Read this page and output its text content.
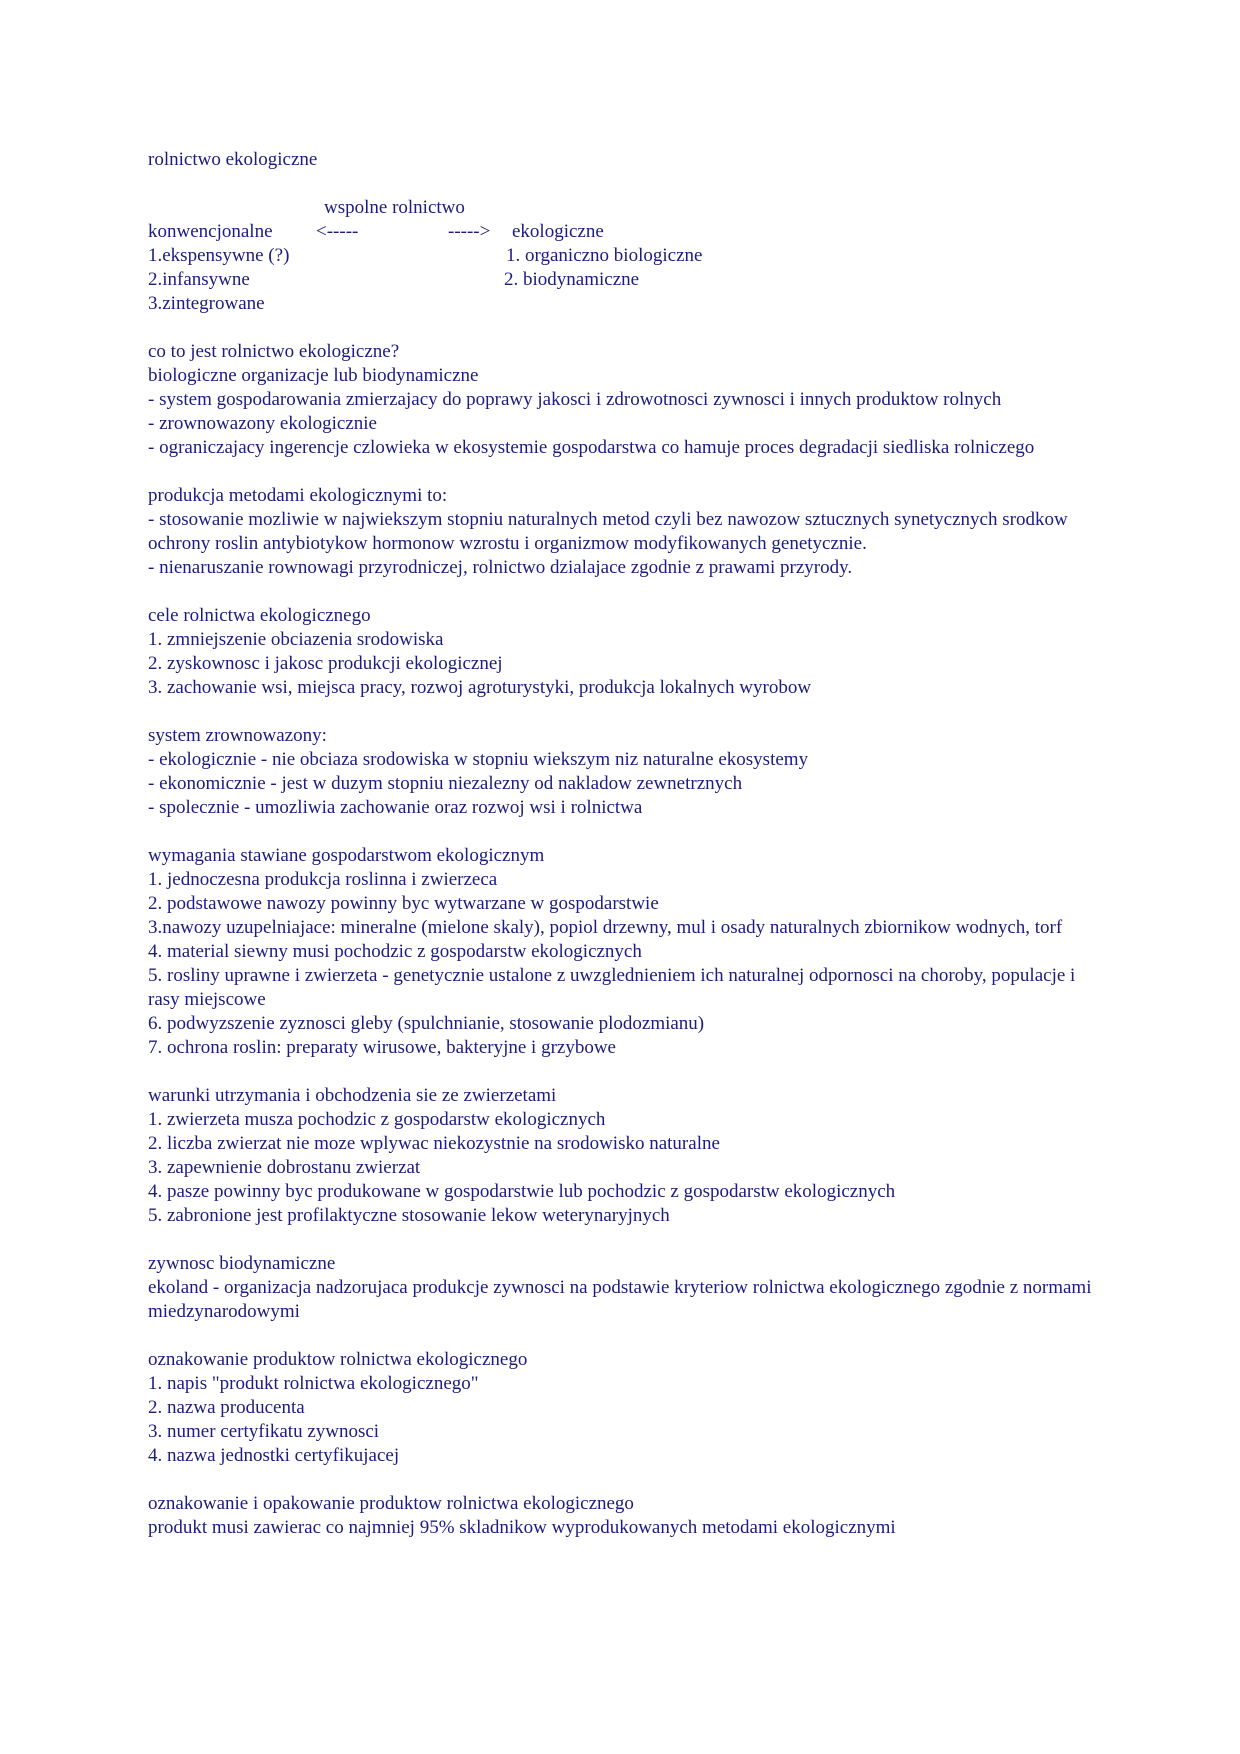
rolnictwo ekologiczne
wspolne rolnictwo
konwencjonalne <-----	-----> ekologiczne
1.ekspensywne (?)	1. organiczno biologiczne
2.infansywne	2. biodynamiczne
3.zintegrowane
co to jest rolnictwo ekologiczne?
biologiczne organizacje lub biodynamiczne
- system gospodarowania zmierzajacy do poprawy jakosci i zdrowotnosci zywnosci i innych produktow rolnych
- zrownowazony ekologicznie
- ograniczajacy ingerencje czlowieka w ekosystemie gospodarstwa co hamuje proces degradacji siedliska rolniczego
produkcja metodami ekologicznymi to:
- stosowanie mozliwie w najwiekszym stopniu naturalnych metod czyli bez nawozow sztucznych synetycznych srodkow ochrony roslin antybiotykow hormonow wzrostu i organizmow modyfikowanych genetycznie.
- nienaruszanie rownowagi przyrodniczej, rolnictwo dzialajace zgodnie z prawami przyrody.
cele rolnictwa ekologicznego
1. zmniejszenie obciazenia srodowiska
2. zyskownosc i jakosc produkcji ekologicznej
3. zachowanie wsi, miejsca pracy, rozwoj agroturystyki, produkcja lokalnych wyrobow
system zrownowazony:
- ekologicznie - nie obciaza srodowiska w stopniu wiekszym niz naturalne ekosystemy
- ekonomicznie - jest w duzym stopniu niezalezny od nakladow zewnetrznych
- spolecznie - umozliwia zachowanie oraz rozwoj wsi i rolnictwa
wymagania stawiane gospodarstwom ekologicznym
1. jednoczesna produkcja roslinna i zwierzeca
2. podstawowe nawozy powinny byc wytwarzane w gospodarstwie
3.nawozy uzupelniajace: mineralne (mielone skaly), popiol drzewny, mul i osady naturalnych zbiornikow wodnych, torf
4. material siewny musi pochodzic z gospodarstw ekologicznych
5. rosliny uprawne i zwierzeta - genetycznie ustalone z uwzglednieniem ich naturalnej odpornosci na choroby, populacje i rasy miejscowe
6. podwyzszenie zyznosci gleby (spulchnianie, stosowanie plodozmianu)
7. ochrona roslin: preparaty wirusowe, bakteryjne i grzybowe
warunki utrzymania i obchodzenia sie ze zwierzetami
1. zwierzeta musza pochodzic z gospodarstw ekologicznych
2. liczba zwierzat nie moze wplywac niekozystnie na srodowisko naturalne
3. zapewnienie dobrostanu zwierzat
4. pasze powinny byc produkowane w gospodarstwie lub pochodzic z gospodarstw ekologicznych
5. zabronione jest profilaktyczne stosowanie lekow weterynaryjnych
zywnosc biodynamiczne
ekoland - organizacja nadzorujaca produkcje zywnosci na podstawie kryteriow rolnictwa ekologicznego zgodnie z normami miedzynarodowymi
oznakowanie produktow rolnictwa ekologicznego
1. napis "produkt rolnictwa ekologicznego"
2. nazwa producenta
3. numer certyfikatu zywnosci
4. nazwa jednostki certyfikujacej
oznakowanie i opakowanie produktow rolnictwa ekologicznego
produkt musi zawierac co najmniej 95% skladnikow wyprodukowanych metodami ekologicznymi
